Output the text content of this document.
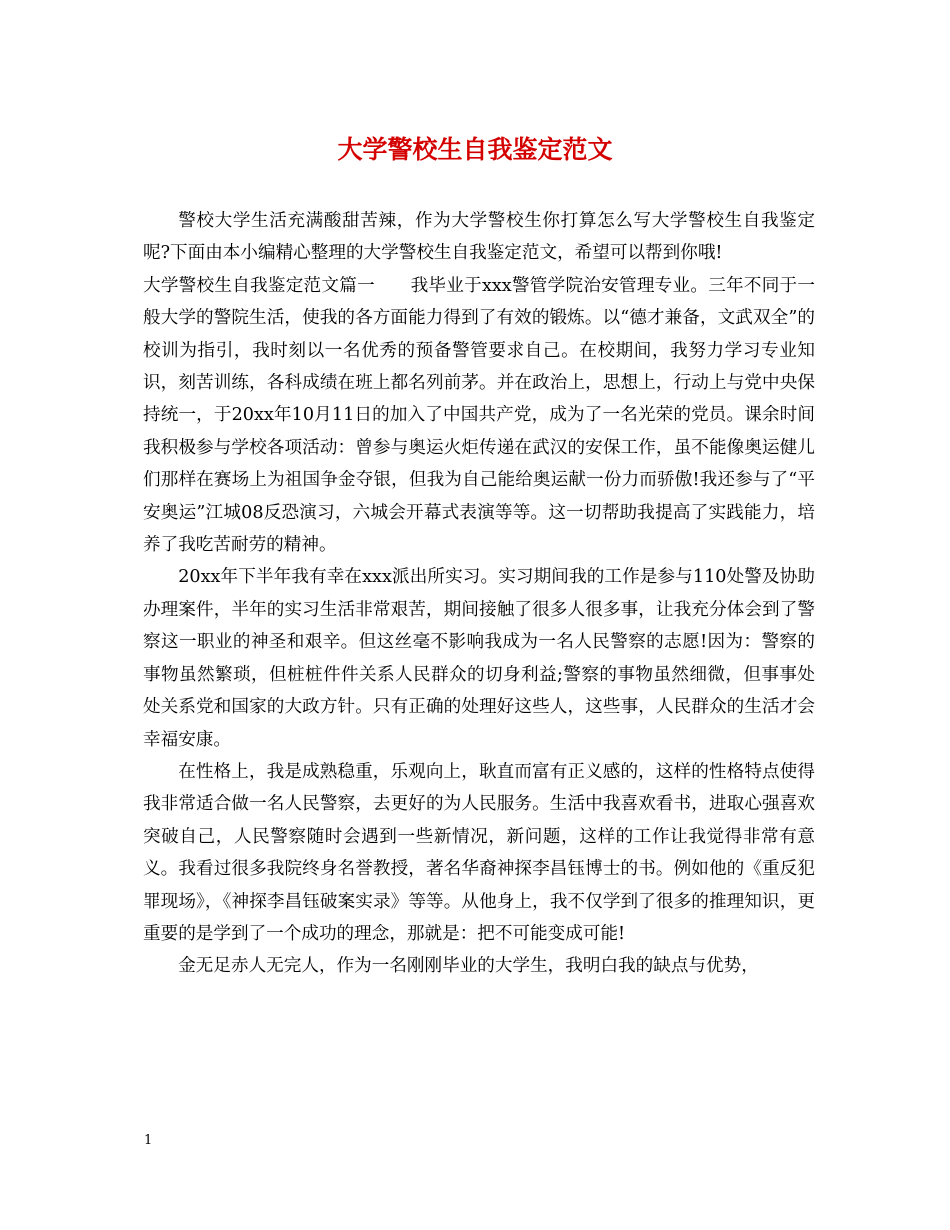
大学警校生自我鉴定范文

警校大学生活充满酸甜苦辣，作为大学警校生你打算怎么写大学警校生自我鉴定呢?下面由本小编精心整理的大学警校生自我鉴定范文，希望可以帮到你哦!

大学警校生自我鉴定范文篇一　　我毕业于xxx警管学院治安管理专业。三年不同于一般大学的警院生活，使我的各方面能力得到了有效的锻炼。以“德才兼备，文武双全”的校训为指引，我时刻以一名优秀的预备警管要求自己。在校期间，我努力学习专业知识，刻苦训练，各科成绩在班上都名列前茅。并在政治上，思想上，行动上与党中央保持统一，于20xx年10月11日的加入了中国共产党，成为了一名光荣的党员。课余时间我积极参与学校各项活动：曾参与奥运火炬传递在武汉的安保工作，虽不能像奥运健儿们那样在赛场上为祖国争金夺银，但我为自己能给奥运献一份力而骄傲!我还参与了“平安奥运”江城08反恐演习，六城会开幕式表演等等。这一切帮助我提高了实践能力，培养了我吃苦耐劳的精神。

20xx年下半年我有幸在xxx派出所实习。实习期间我的工作是参与110处警及协助办理案件，半年的实习生活非常艰苦，期间接触了很多人很多事，让我充分体会到了警察这一职业的神圣和艰辛。但这丝毫不影响我成为一名人民警察的志愿!因为：警察的事物虽然繁琐，但桩桩件件关系人民群众的切身利益;警察的事物虽然细微，但事事处处关系党和国家的大政方针。只有正确的处理好这些人，这些事，人民群众的生活才会幸福安康。

在性格上，我是成熟稳重，乐观向上，耿直而富有正义感的，这样的性格特点使得我非常适合做一名人民警察，去更好的为人民服务。生活中我喜欢看书，进取心强喜欢突破自己，人民警察随时会遇到一些新情况，新问题，这样的工作让我觉得非常有意义。我看过很多我院终身名誉教授，著名华裔神探李昌钰博士的书。例如他的《重反犯罪现场》，《神探李昌钰破案实录》等等。从他身上，我不仅学到了很多的推理知识，更重要的是学到了一个成功的理念，那就是：把不可能变成可能!

金无足赤人无完人，作为一名刚刚毕业的大学生，我明白我的缺点与优势，

1
